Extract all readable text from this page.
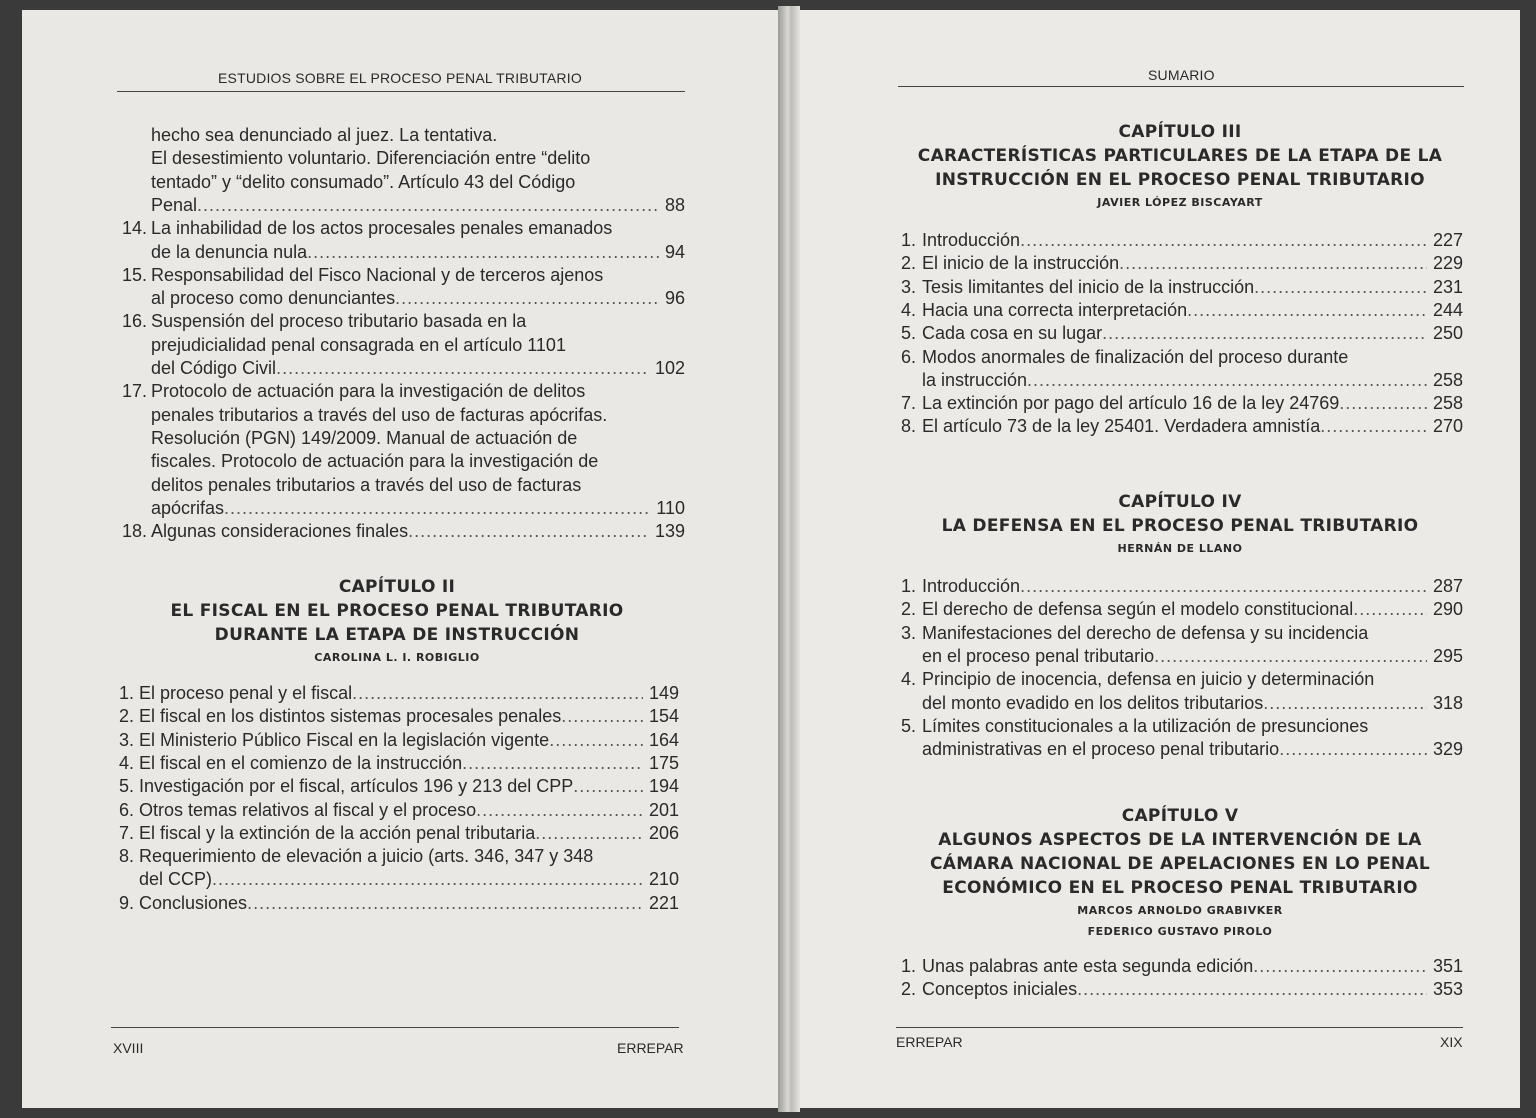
ESTUDIOS SOBRE EL PROCESO PENAL TRIBUTARIO
XVIII	ERREPAR
SUMARIO
ERREPAR	XIX
hecho sea denunciado al juez. La tentativa.
El desestimiento voluntario. Diferenciación entre “delito
tentado” y “delito consumado”. Artículo 43 del Código
Penal .....	88
14. La inhabilidad de los actos procesales penales emanados
de la denuncia nula .....	94
15. Responsabilidad del Fisco Nacional y de terceros ajenos
al proceso como denunciantes .....	96
16. Suspensión del proceso tributario basada en la
prejudicialidad penal consagrada en el artículo 1101
del Código Civil .....	102
17. Protocolo de actuación para la investigación de delitos
penales tributarios a través del uso de facturas apócrifas.
Resolución (PGN) 149/2009. Manual de actuación de
fiscales. Protocolo de actuación para la investigación de
delitos penales tributarios a través del uso de facturas
apócrifas .....	110
18. Algunas consideraciones finales .....	139
CAPÍTULO II
EL FISCAL EN EL PROCESO PENAL TRIBUTARIO
DURANTE LA ETAPA DE INSTRUCCIÓN
CAROLINA L. I. ROBIGLIO
1. El proceso penal y el fiscal .....	149
2. El fiscal en los distintos sistemas procesales penales .....	154
3. El Ministerio Público Fiscal en la legislación vigente .....	164
4. El fiscal en el comienzo de la instrucción .....	175
5. Investigación por el fiscal, artículos 196 y 213 del CPP .....	194
6. Otros temas relativos al fiscal y el proceso .....	201
7. El fiscal y la extinción de la acción penal tributaria .....	206
8. Requerimiento de elevación a juicio (arts. 346, 347 y 348
del CCP) .....	210
9. Conclusiones .....	221
CAPÍTULO III
CARACTERÍSTICAS PARTICULARES DE LA ETAPA DE LA
INSTRUCCIÓN EN EL PROCESO PENAL TRIBUTARIO
JAVIER LÓPEZ BISCAYART
1. Introducción .....	227
2. El inicio de la instrucción .....	229
3. Tesis limitantes del inicio de la instrucción .....	231
4. Hacia una correcta interpretación .....	244
5. Cada cosa en su lugar .....	250
6. Modos anormales de finalización del proceso durante
la instrucción .....	258
7. La extinción por pago del artículo 16 de la ley 24769 .....	258
8. El artículo 73 de la ley 25401. Verdadera amnistía .....	270
CAPÍTULO IV
LA DEFENSA EN EL PROCESO PENAL TRIBUTARIO
HERNÁN DE LLANO
1. Introducción .....	287
2. El derecho de defensa según el modelo constitucional .....	290
3. Manifestaciones del derecho de defensa y su incidencia
en el proceso penal tributario .....	295
4. Principio de inocencia, defensa en juicio y determinación
del monto evadido en los delitos tributarios .....	318
5. Límites constitucionales a la utilización de presunciones
administrativas en el proceso penal tributario .....	329
CAPÍTULO V
ALGUNOS ASPECTOS DE LA INTERVENCIÓN DE LA
CÁMARA NACIONAL DE APELACIONES EN LO PENAL
ECONÓMICO EN EL PROCESO PENAL TRIBUTARIO
MARCOS ARNOLDO GRABIVKER
FEDERICO GUSTAVO PIROLO
1. Unas palabras ante esta segunda edición .....	351
2. Conceptos iniciales .....	353
